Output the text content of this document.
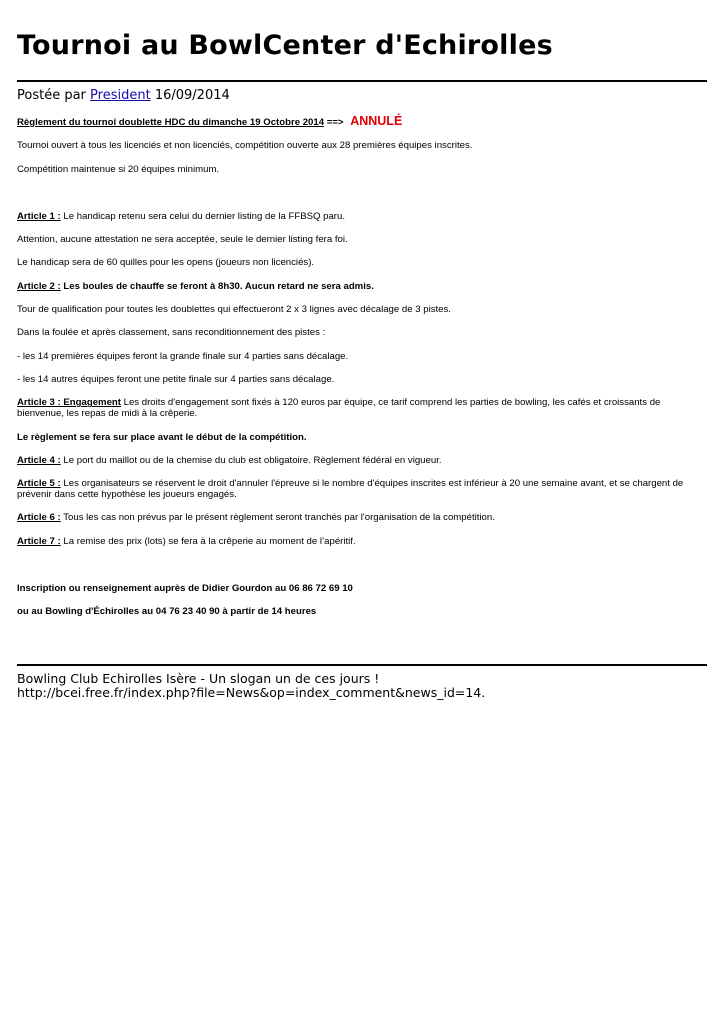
Tournoi au BowlCenter d'Echirolles
Postée par President 16/09/2014

Règlement du tournoi doublette HDC du dimanche 19 Octobre 2014 ==> ANNULÉ

Tournoi ouvert à tous les licenciés et non licenciés, compétition ouverte aux 28 premières équipes inscrites.

Compétition maintenue si 20 équipes minimum.

Article 1 : Le handicap retenu sera celui du dernier listing de la FFBSQ paru.

Attention, aucune attestation ne sera acceptée, seule le dernier listing fera foi.

Le handicap sera de 60 quilles pour les opens (joueurs non licenciés).

Article 2 : Les boules de chauffe se feront à 8h30. Aucun retard ne sera admis.

Tour de qualification pour toutes les doublettes qui effectueront 2 x 3 lignes avec décalage de 3 pistes.

Dans la foulée et après classement, sans reconditionnement des pistes :

- les 14 premières équipes feront la grande finale sur 4 parties sans décalage.

- les 14 autres équipes feront une petite finale sur 4 parties sans décalage.

Article 3 : Engagement Les droits d'engagement sont fixés à 120 euros par équipe, ce tarif comprend les parties de bowling, les cafés et croissants de bienvenue, les repas de midi à la crêperie.

Le règlement se fera sur place avant le début de la compétition.

Article 4 : Le port du maillot ou de la chemise du club est obligatoire. Règlement fédéral en vigueur.

Article 5 : Les organisateurs se réservent le droit d'annuler l'épreuve si le nombre d'équipes inscrites est inférieur à 20 une semaine avant, et se chargent de prévenir dans cette hypothèse les joueurs engagés.

Article 6 : Tous les cas non prévus par le présent règlement seront tranchés par l'organisation de la compétition.

Article 7 : La remise des prix (lots) se fera à la crêperie au moment de l’apéritif.

Inscription ou renseignement auprès de Didier Gourdon au 06 86 72 69 10

ou au Bowling d'Échirolles au 04 76 23 40 90 à partir de 14 heures

Bowling Club Echirolles Isère - Un slogan un de ces jours !
http://bcei.free.fr/index.php?file=News&op=index_comment&news_id=14.
